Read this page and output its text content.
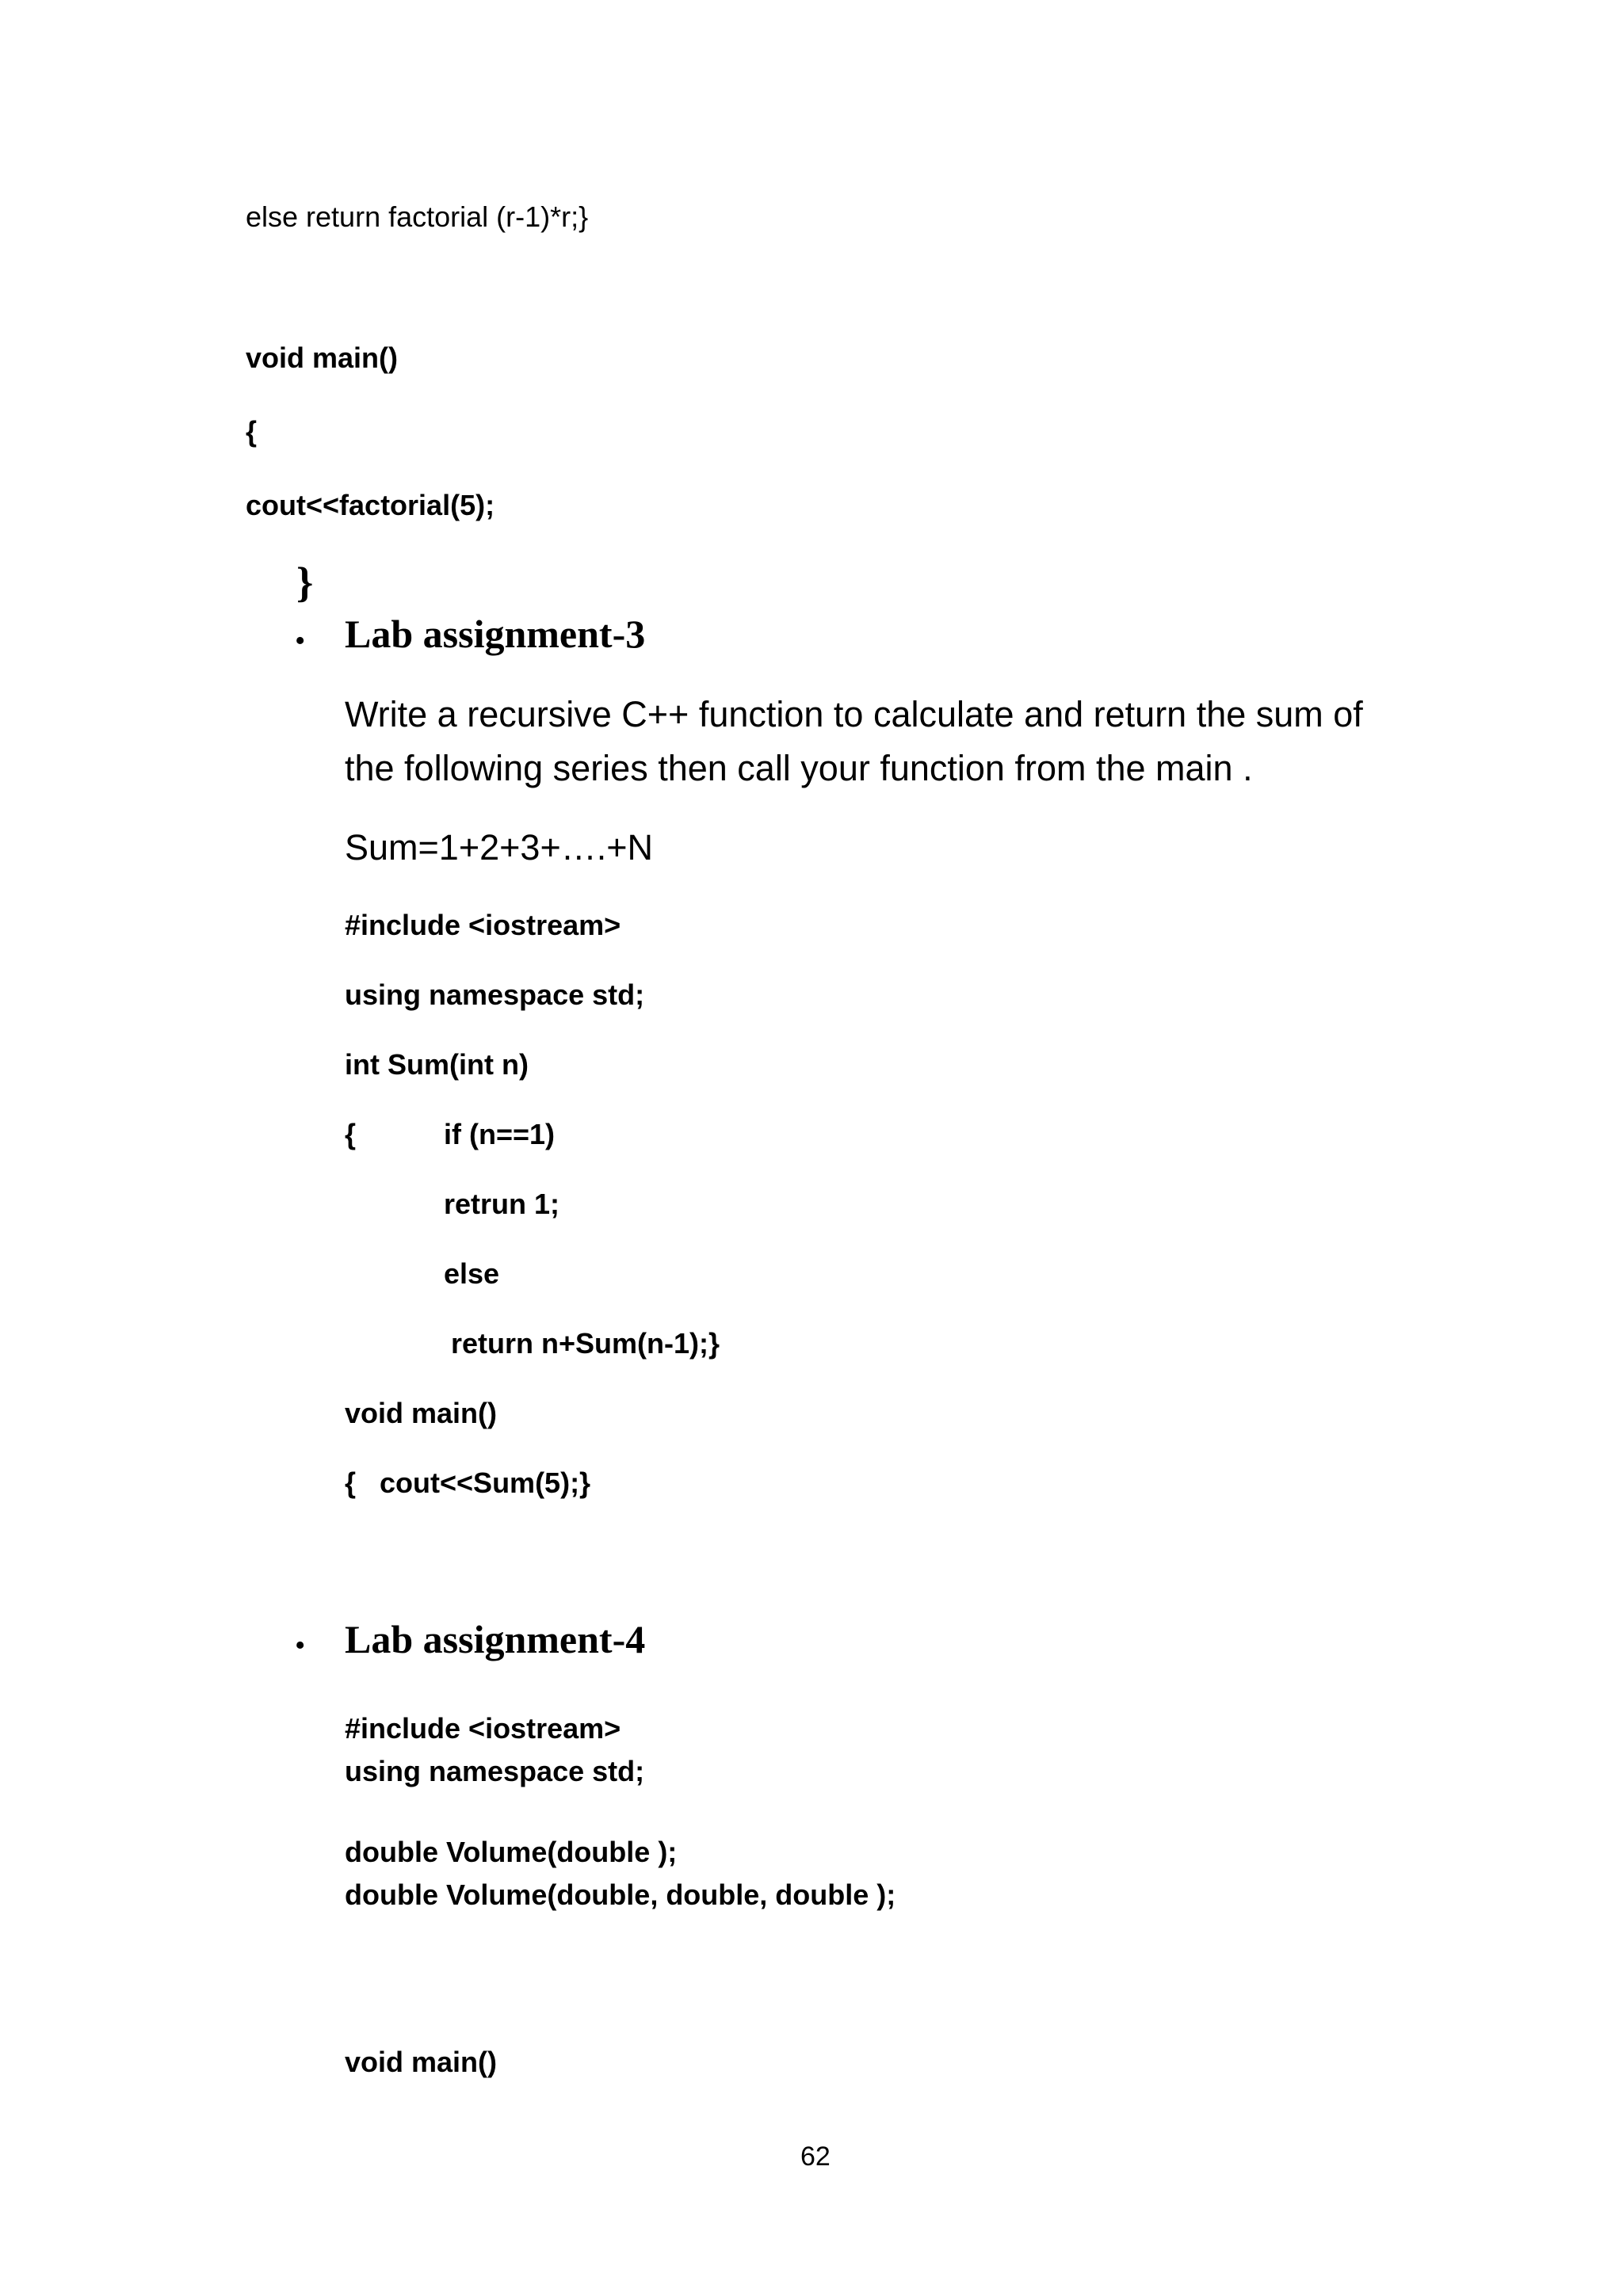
else return factorial (r-1)*r;}
void main()
{
cout<<factorial(5);
}
• Lab assignment-3
Write a recursive C++ function to calculate and return the sum of the following series then call your function from the main .
Sum=1+2+3+….+N
#include <iostream>
using namespace std;
int Sum(int n)
{	if (n==1)
retrun 1;
else
return n+Sum(n-1);}
void main()
{   cout<<Sum(5);}
• Lab assignment-4
#include <iostream>
using namespace std;
double Volume(double );
double Volume(double, double, double );
void main()
62
